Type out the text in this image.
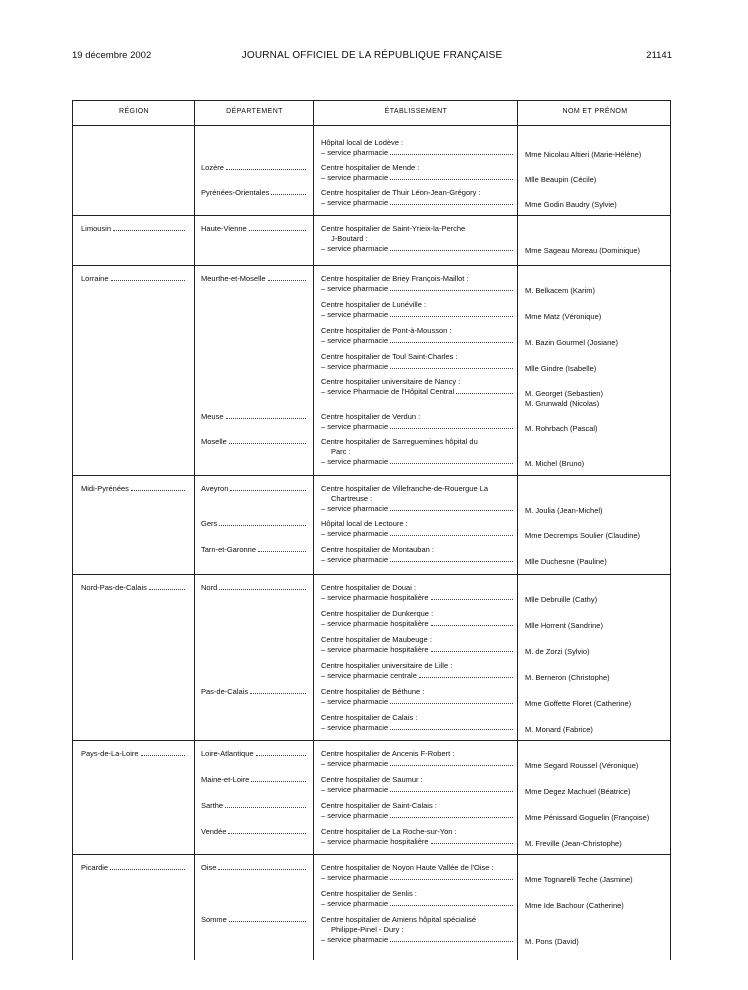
19 décembre 2002	JOURNAL OFFICIEL DE LA RÉPUBLIQUE FRANÇAISE	21141
RÉGION	DÉPARTEMENT	ÉTABLISSEMENT	NOM ET PRÉNOM
Hôpital local de Lodève :
– service pharmacie	Mme Nicolau Altieri (Marie-Hélène)
Lozère	Centre hospitalier de Mende :
– service pharmacie	Mlle Beaupin (Cécile)
Pyrénées-Orientales	Centre hospitalier de Thuir Léon-Jean-Grégory :
– service pharmacie	Mme Godin Baudry (Sylvie)
Limousin	Haute-Vienne	Centre hospitalier de Saint-Yrieix-la-Perche
J-Boutard :
– service pharmacie	Mme Sageau Moreau (Dominique)
Lorraine	Meurthe-et-Moselle	Centre hospitalier de Briey François-Maillot :
– service pharmacie	M. Belkacem (Karim)
Centre hospitalier de Lunéville :
– service pharmacie	Mme Matz (Véronique)
Centre hospitalier de Pont-à-Mousson :
– service pharmacie	M. Bazin Gourmel (Josiane)
Centre hospitalier de Toul Saint-Charles :
– service pharmacie	Mlle Gindre (Isabelle)
Centre hospitalier universitaire de Nancy :
– service Pharmacie de l'Hôpital Central	M. Georget (Sebastien)
M. Grunwald (Nicolas)
Meuse	Centre hospitalier de Verdun :
– service pharmacie	M. Rohrbach (Pascal)
Moselle	Centre hospitalier de Sarreguemines hôpital du
Parc :
– service pharmacie	M. Michel (Bruno)
Midi-Pyrénées	Aveyron	Centre hospitalier de Villefranche-de-Rouergue La
Chartreuse :
– service pharmacie	M. Joulia (Jean-Michel)
Gers	Hôpital local de Lectoure :
– service pharmacie	Mme Decremps Soulier (Claudine)
Tarn-et-Garonne	Centre hospitalier de Montauban :
– service pharmacie	Mlle Duchesne (Pauline)
Nord-Pas-de-Calais	Nord	Centre hospitalier de Douai :
– service pharmacie hospitalière	Mlle Debruille (Cathy)
Centre hospitalier de Dunkerque :
– service pharmacie hospitalière	Mlle Horrent (Sandrine)
Centre hospitalier de Maubeuge :
– service pharmacie hospitalière	M. de Zorzi (Sylvio)
Centre hospitalier universitaire de Lille :
– service pharmacie centrale	M. Berneron (Christophe)
Pas-de-Calais	Centre hospitalier de Béthune :
– service pharmacie	Mme Goffette Floret (Catherine)
Centre hospitalier de Calais :
– service pharmacie	M. Monard (Fabrice)
Pays-de-La-Loire	Loire-Atlantique	Centre hospitalier de Ancenis F-Robert :
– service pharmacie	Mme Segard Roussel (Véronique)
Maine-et-Loire	Centre hospitalier de Saumur :
– service pharmacie	Mme Degez Machuel (Béatrice)
Sarthe	Centre hospitalier de Saint-Calais :
– service pharmacie	Mme Pénissard Goguelin (Françoise)
Vendée	Centre hospitalier de La Roche-sur-Yon :
– service pharmacie hospitalière	M. Freville (Jean-Christophe)
Picardie	Oise	Centre hospitalier de Noyon Haute Vallée de l'Oise :
– service pharmacie	Mme Tognarelli Teche (Jasmine)
Centre hospitalier de Senlis :
– service pharmacie	Mme Ide Bachour (Catherine)
Somme	Centre hospitalier de Amiens hôpital spécialisé
Philippe-Pinel - Dury :
– service pharmacie	M. Pons (David)
